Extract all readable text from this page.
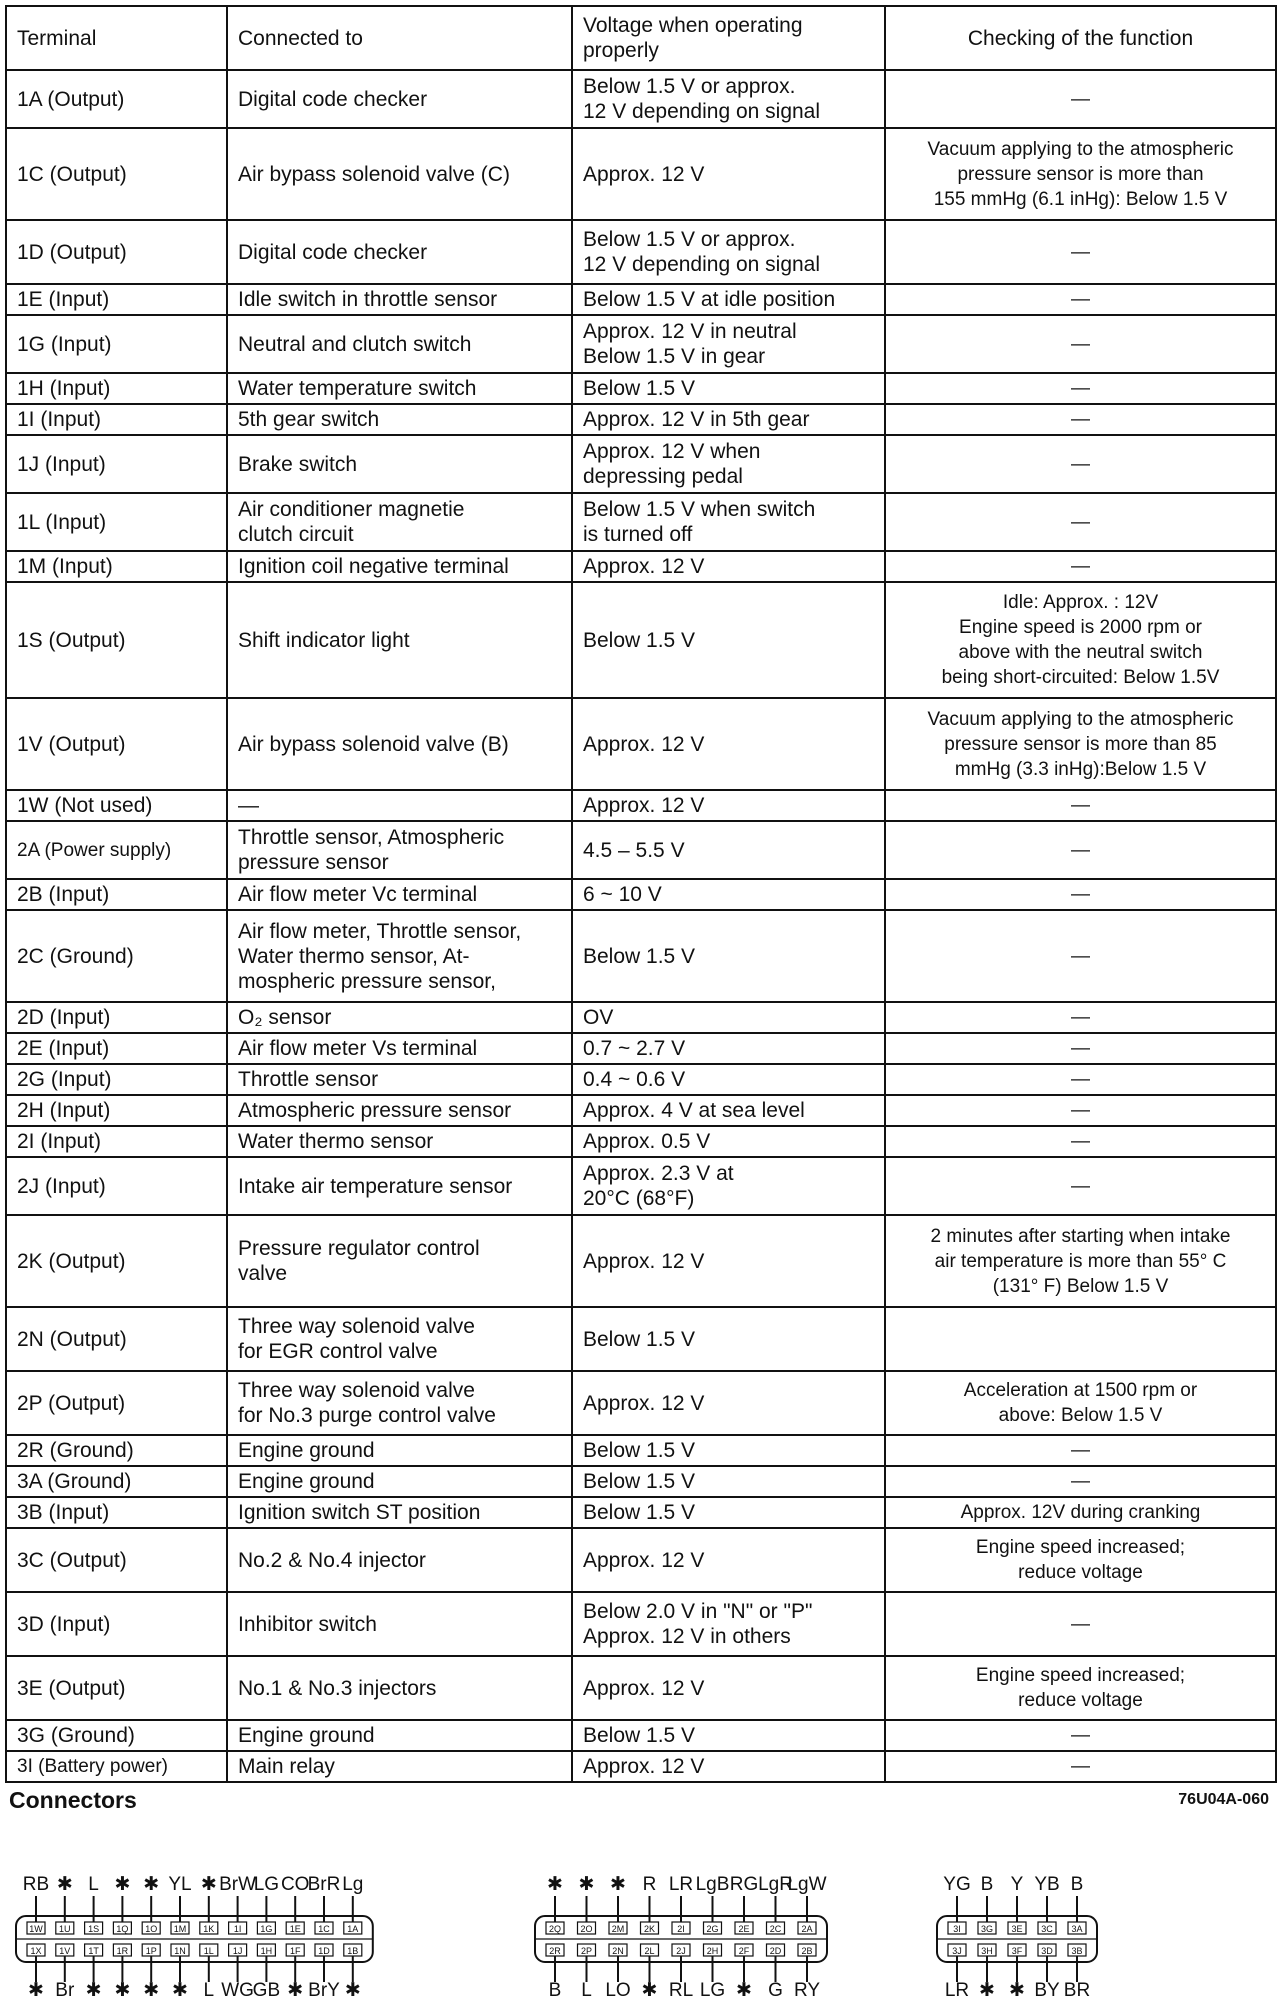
Terminal	Connected to	Voltage when operating
properly	Checking of the function
1A (Output)	Digital code checker	Below 1.5 V or approx.
12 V depending on signal	—
1C (Output)	Air bypass solenoid valve (C)	Approx. 12 V	Vacuum applying to the atmospheric
pressure sensor is more than
155 mmHg (6.1 inHg): Below 1.5 V
1D (Output)	Digital code checker	Below 1.5 V or approx.
12 V depending on signal	—
1E (Input)	Idle switch in throttle sensor	Below 1.5 V at idle position	—
1G (Input)	Neutral and clutch switch	Approx. 12 V in neutral
Below 1.5 V in gear	—
1H (Input)	Water temperature switch	Below 1.5 V	—
1I (Input)	5th gear switch	Approx. 12 V in 5th gear	—
1J (Input)	Brake switch	Approx. 12 V when
depressing pedal	—
1L (Input)	Air conditioner magnetie
clutch circuit	Below 1.5 V when switch
is turned off	—
1M (Input)	Ignition coil negative terminal	Approx. 12 V	—
1S (Output)	Shift indicator light	Below 1.5 V	Idle: Approx. : 12V
Engine speed is 2000 rpm or
above with the neutral switch
being short-circuited: Below 1.5V
1V (Output)	Air bypass solenoid valve (B)	Approx. 12 V	Vacuum applying to the atmospheric
pressure sensor is more than 85
mmHg (3.3 inHg):Below 1.5 V
1W (Not used)	—	Approx. 12 V	—
2A (Power supply)	Throttle sensor, Atmospheric
pressure sensor	4.5 – 5.5 V	—
2B (Input)	Air flow meter Vc terminal	6 ~ 10 V	—
2C (Ground)	Air flow meter, Throttle sensor,
Water thermo sensor, At-
mospheric pressure sensor,	Below 1.5 V	—
2D (Input)	O₂ sensor	OV	—
2E (Input)	Air flow meter Vs terminal	0.7 ~ 2.7 V	—
2G (Input)	Throttle sensor	0.4 ~ 0.6 V	—
2H (Input)	Atmospheric pressure sensor	Approx. 4 V at sea level	—
2I (Input)	Water thermo sensor	Approx. 0.5 V	—
2J (Input)	Intake air temperature sensor	Approx. 2.3 V at
20°C (68°F)	—
2K (Output)	Pressure regulator control
valve	Approx. 12 V	2 minutes after starting when intake
air temperature is more than 55° C
(131° F) Below 1.5 V
2N (Output)	Three way solenoid valve
for EGR control valve	Below 1.5 V	
2P (Output)	Three way solenoid valve
for No.3 purge control valve	Approx. 12 V	Acceleration at 1500 rpm or
above: Below 1.5 V
2R (Ground)	Engine ground	Below 1.5 V	—
3A (Ground)	Engine ground	Below 1.5 V	—
3B (Input)	Ignition switch ST position	Below 1.5 V	Approx. 12V during cranking
3C (Output)	No.2 & No.4 injector	Approx. 12 V	Engine speed increased;
reduce voltage
3D (Input)	Inhibitor switch	Below 2.0 V in "N" or "P"
Approx. 12 V in others	—
3E (Output)	No.1 & No.3 injectors	Approx. 12 V	Engine speed increased;
reduce voltage
3G (Ground)	Engine ground	Below 1.5 V	—
3I (Battery power)	Main relay	Approx. 12 V	—
Connectors	76U04A-060
RB
✱
1W
1X
✱
Br
1U
1V
L
✱
1S
1T
✱
✱
1Q
1R
✱
✱
1O
1P
YL
✱
1M
1N
✱
L
1K
1L
BrW
WG
1I
1J
LG
GB
1G
1H
CO
✱
1E
1F
BrR
BrY
1C
1D
Lg
✱
1A
1B
✱
B
2Q
2R
✱
L
2O
2P
✱
LO
2M
2N
R
✱
2K
2L
LR
RL
2I
2J
LgB
LG
2G
2H
RG
✱
2E
2F
LgR
G
2C
2D
LgW
RY
2A
2B
YG
LR
3I
3J
B
✱
3G
3H
Y
✱
3E
3F
YB
BY
3C
3D
B
BR
3A
3B
